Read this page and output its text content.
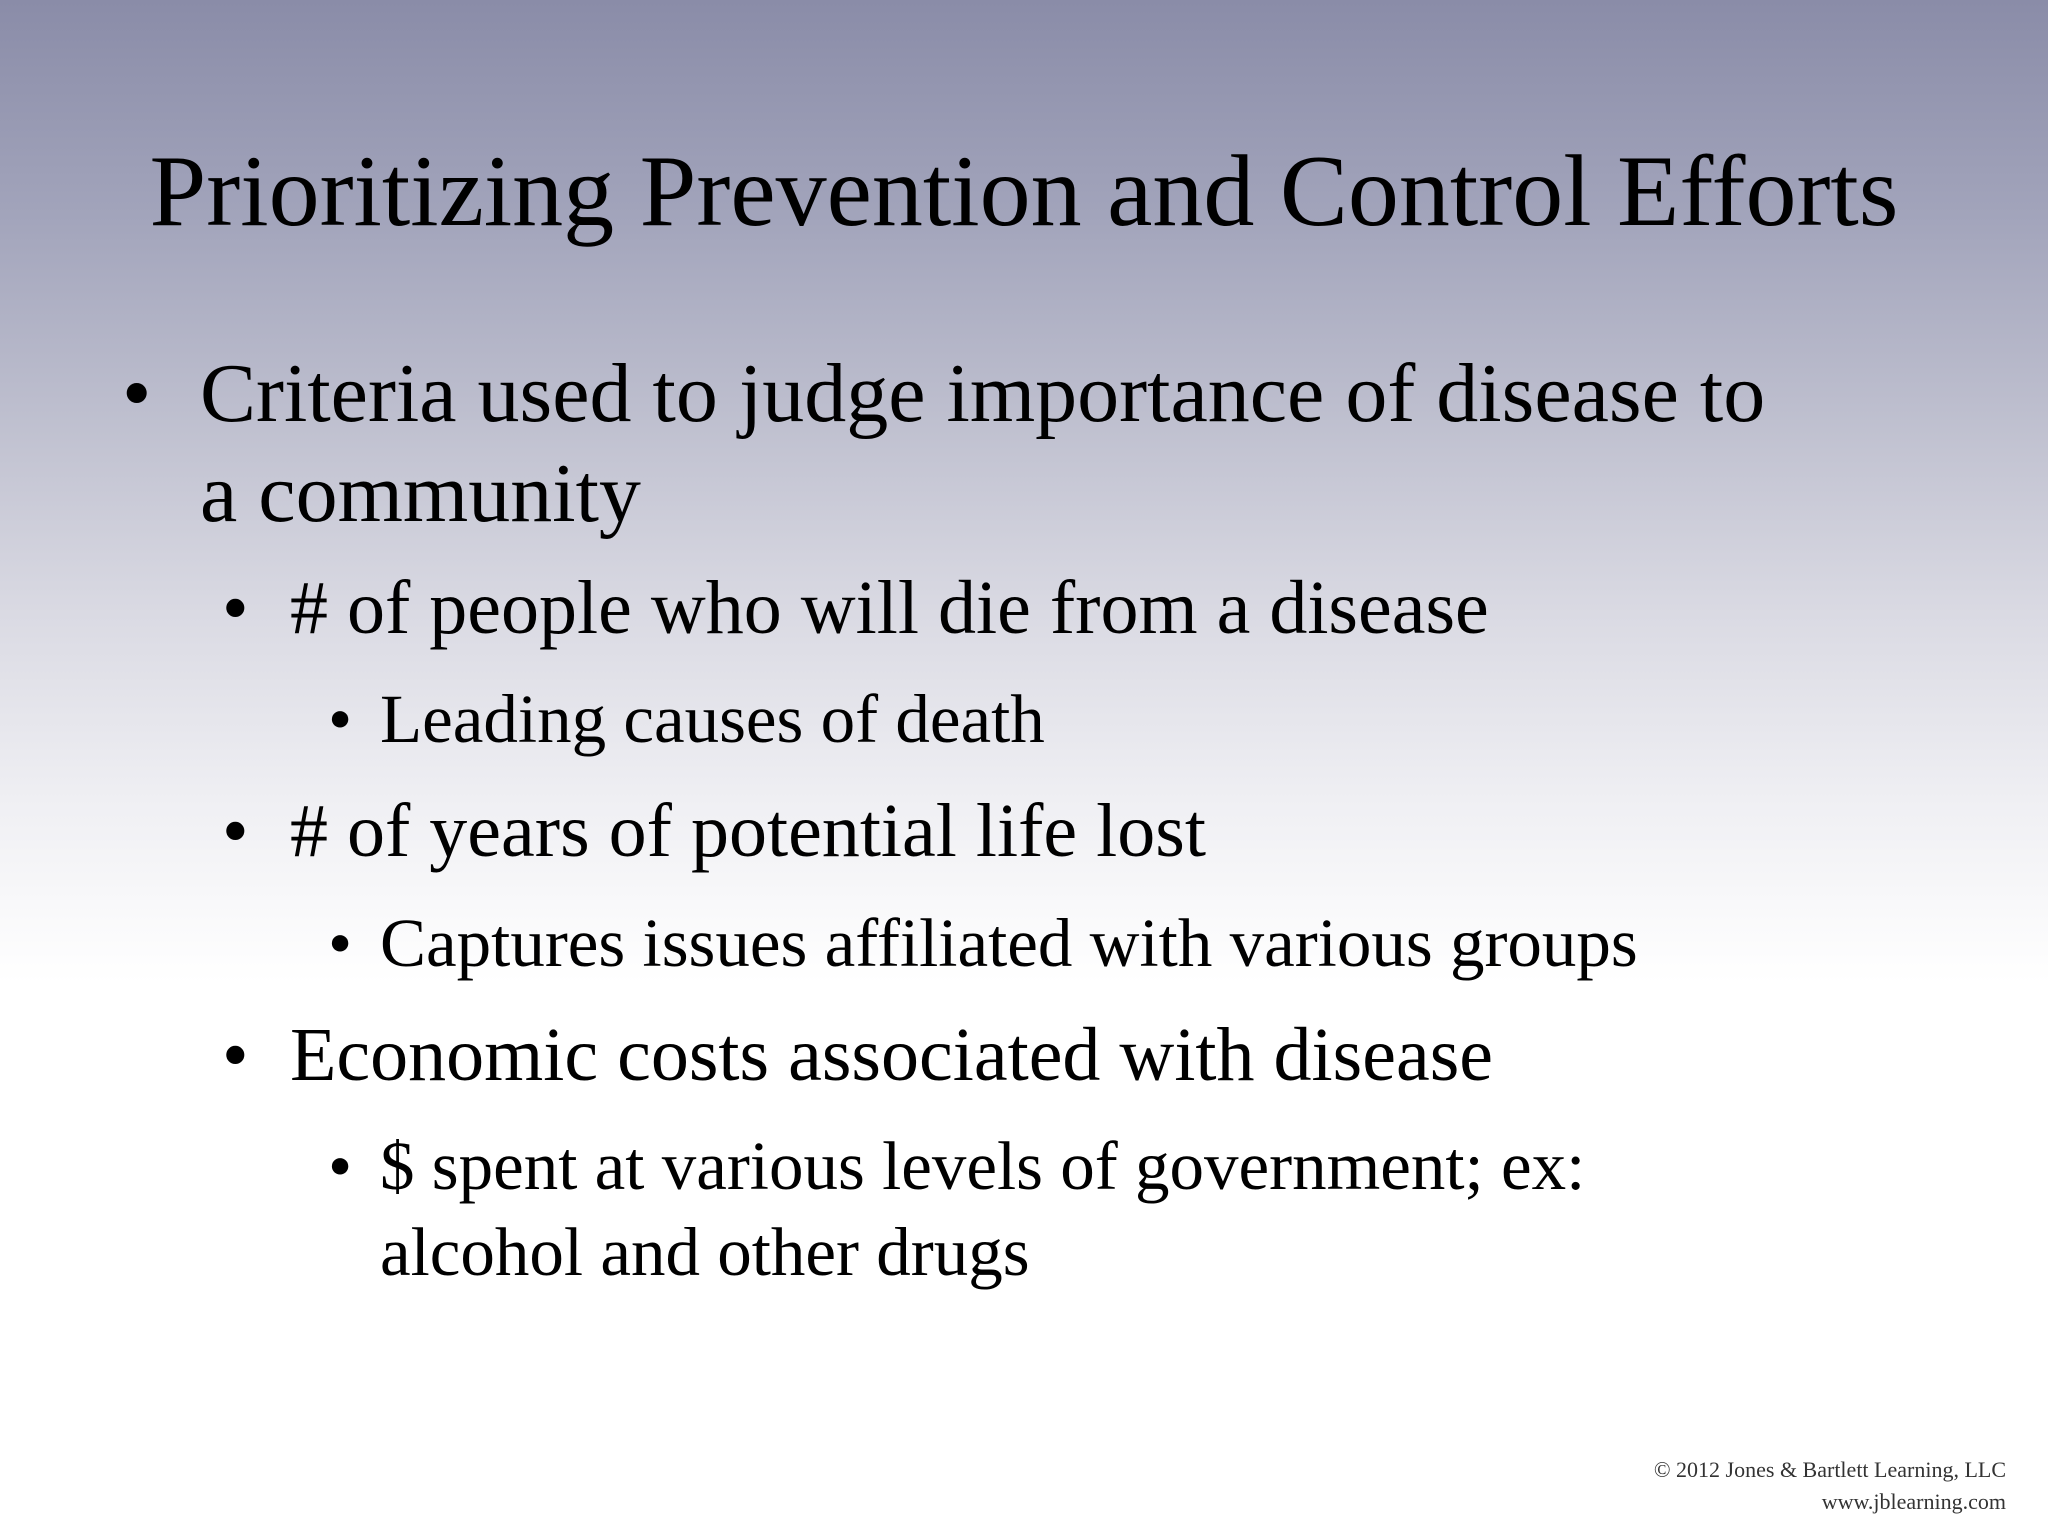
Prioritizing Prevention and Control Efforts
• Criteria used to judge importance of disease to
a community
• # of people who will die from a disease
• Leading causes of death
• # of years of potential life lost
• Captures issues affiliated with various groups
• Economic costs associated with disease
• $ spent at various levels of government; ex:
alcohol and other drugs
© 2012 Jones & Bartlett Learning, LLC
www.jblearning.com
